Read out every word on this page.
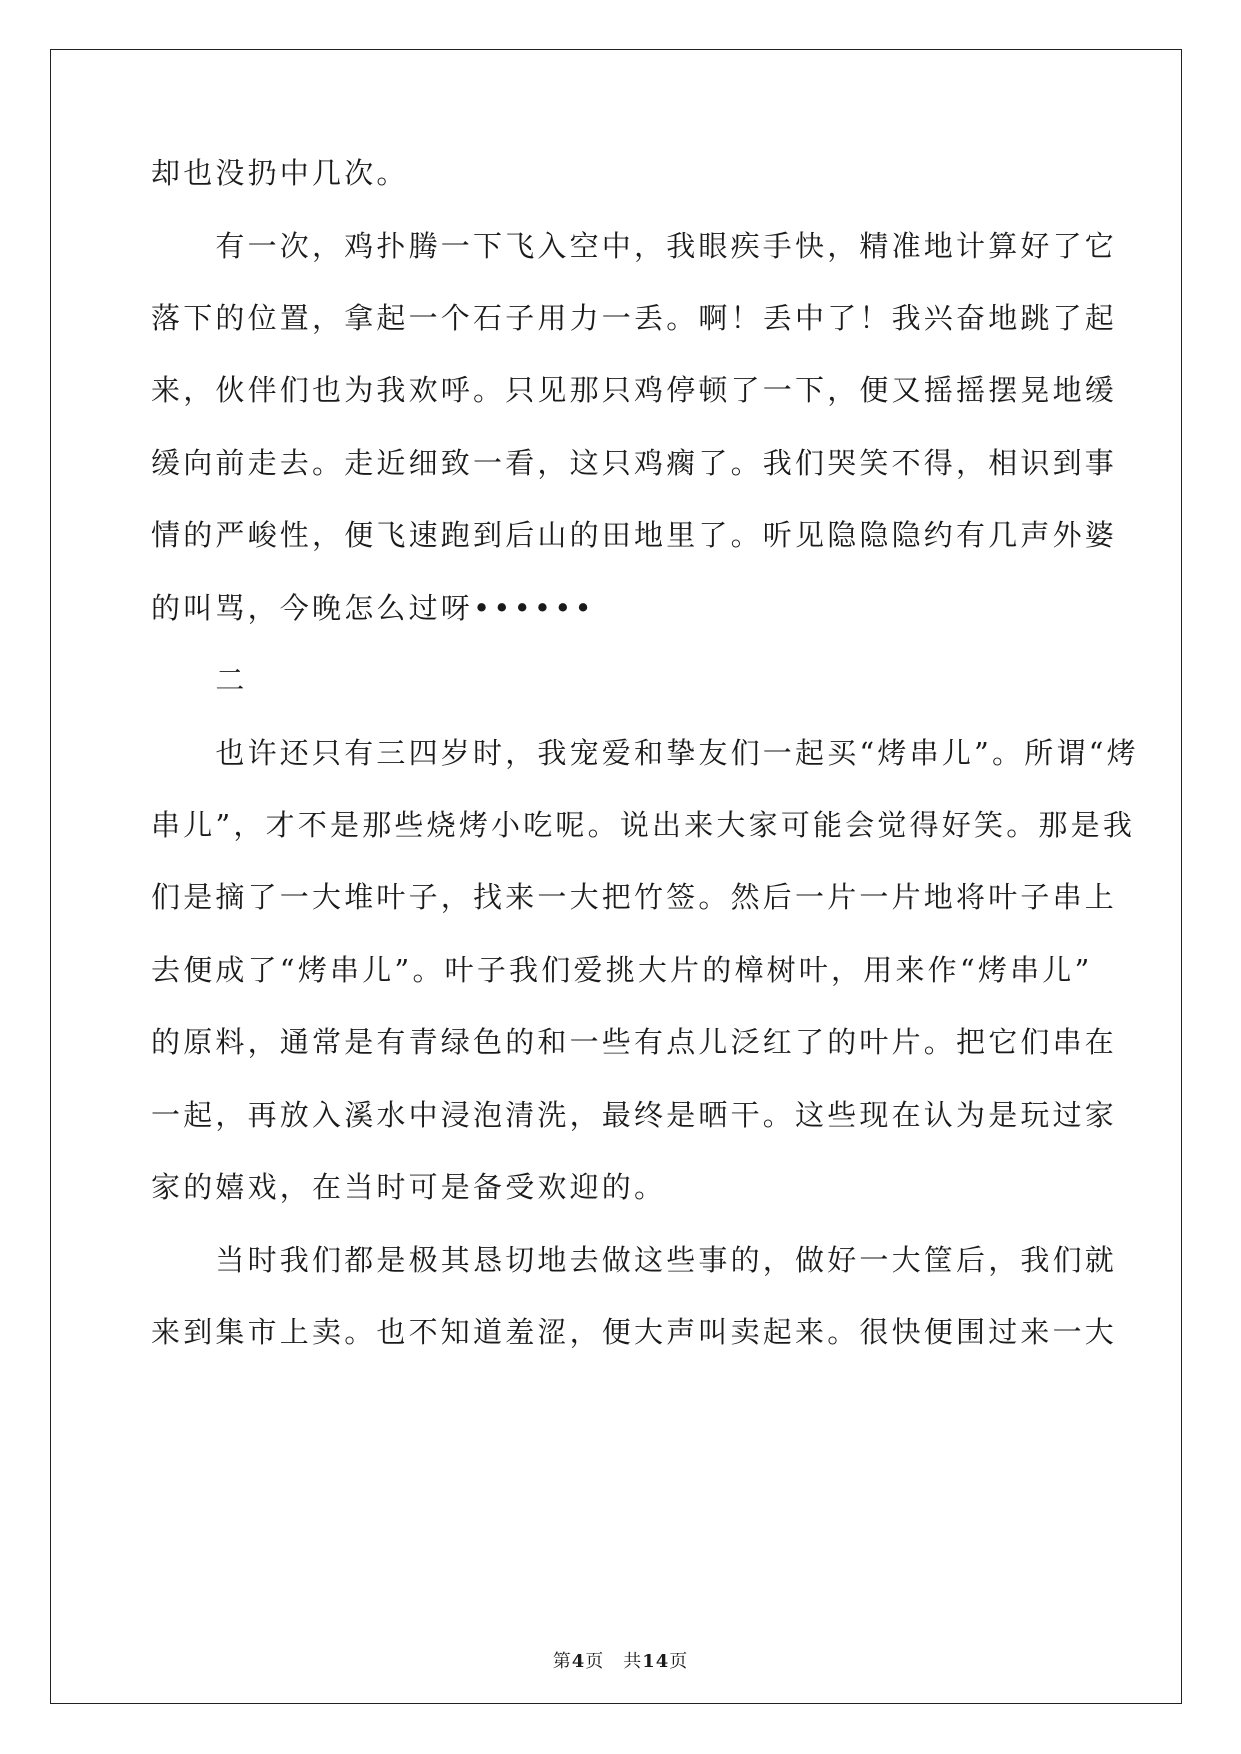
却也没扔中几次。
　　有一次，鸡扑腾一下飞入空中，我眼疾手快，精准地计算好了它
落下的位置，拿起一个石子用力一丢。啊！丢中了！我兴奋地跳了起
来，伙伴们也为我欢呼。只见那只鸡停顿了一下，便又摇摇摆晃地缓
缓向前走去。走近细致一看，这只鸡瘸了。我们哭笑不得，相识到事
情的严峻性，便飞速跑到后山的田地里了。听见隐隐隐约有几声外婆
的叫骂，今晚怎么过呀••••••
　　二
　　也许还只有三四岁时，我宠爱和挚友们一起买“烤串儿”。所谓“烤
串儿”，才不是那些烧烤小吃呢。说出来大家可能会觉得好笑。那是我
们是摘了一大堆叶子，找来一大把竹签。然后一片一片地将叶子串上
去便成了“烤串儿”。叶子我们爱挑大片的樟树叶，用来作“烤串儿”
的原料，通常是有青绿色的和一些有点儿泛红了的叶片。把它们串在
一起，再放入溪水中浸泡清洗，最终是晒干。这些现在认为是玩过家
家的嬉戏，在当时可是备受欢迎的。
　　当时我们都是极其恳切地去做这些事的，做好一大筐后，我们就
来到集市上卖。也不知道羞涩，便大声叫卖起来。很快便围过来一大
第4页　 共14页
